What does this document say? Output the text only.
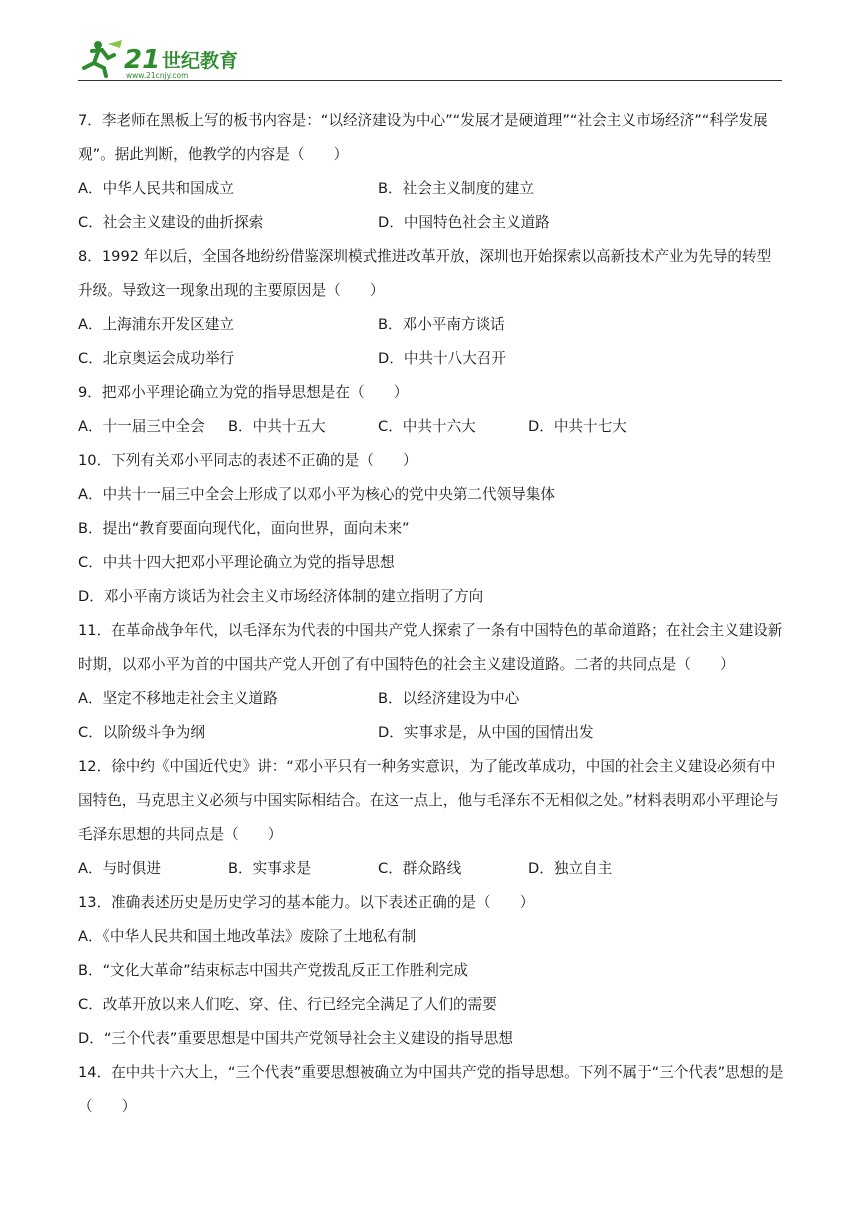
21 世纪教育
www.21cnjy.com
7．李老师在黑板上写的板书内容是：“以经济建设为中心”“发展才是硬道理”“社会主义市场经济”“科学发展观”。据此判断，他教学的内容是（　　）
A．中华人民共和国成立	B．社会主义制度的建立
C．社会主义建设的曲折探索	D．中国特色社会主义道路
8．1992 年以后，全国各地纷纷借鉴深圳模式推进改革开放，深圳也开始探索以高新技术产业为先导的转型升级。导致这一现象出现的主要原因是（　　）
A．上海浦东开发区建立	B．邓小平南方谈话
C．北京奥运会成功举行	D．中共十八大召开
9．把邓小平理论确立为党的指导思想是在（　　）
A．十一届三中全会	B．中共十五大	C．中共十六大	D．中共十七大
10．下列有关邓小平同志的表述不正确的是（　　）
A．中共十一届三中全会上形成了以邓小平为核心的党中央第二代领导集体
B．提出“教育要面向现代化，面向世界，面向未来”
C．中共十四大把邓小平理论确立为党的指导思想
D．邓小平南方谈话为社会主义市场经济体制的建立指明了方向
11．在革命战争年代，以毛泽东为代表的中国共产党人探索了一条有中国特色的革命道路；在社会主义建设新时期，以邓小平为首的中国共产党人开创了有中国特色的社会主义建设道路。二者的共同点是（　　）
A．坚定不移地走社会主义道路	B．以经济建设为中心
C．以阶级斗争为纲	D．实事求是，从中国的国情出发
12．徐中约《中国近代史》讲：“邓小平只有一种务实意识，为了能改革成功，中国的社会主义建设必须有中国特色，马克思主义必须与中国实际相结合。在这一点上，他与毛泽东不无相似之处。”材料表明邓小平理论与毛泽东思想的共同点是（　　）
A．与时俱进	B．实事求是	C．群众路线	D．独立自主
13．准确表述历史是历史学习的基本能力。以下表述正确的是（　　）
A．《中华人民共和国土地改革法》废除了土地私有制
B．“文化大革命”结束标志中国共产党拨乱反正工作胜利完成
C．改革开放以来人们吃、穿、住、行已经完全满足了人们的需要
D．“三个代表”重要思想是中国共产党领导社会主义建设的指导思想
14．在中共十六大上，“三个代表”重要思想被确立为中国共产党的指导思想。下列不属于“三个代表”思想的是（　　）
